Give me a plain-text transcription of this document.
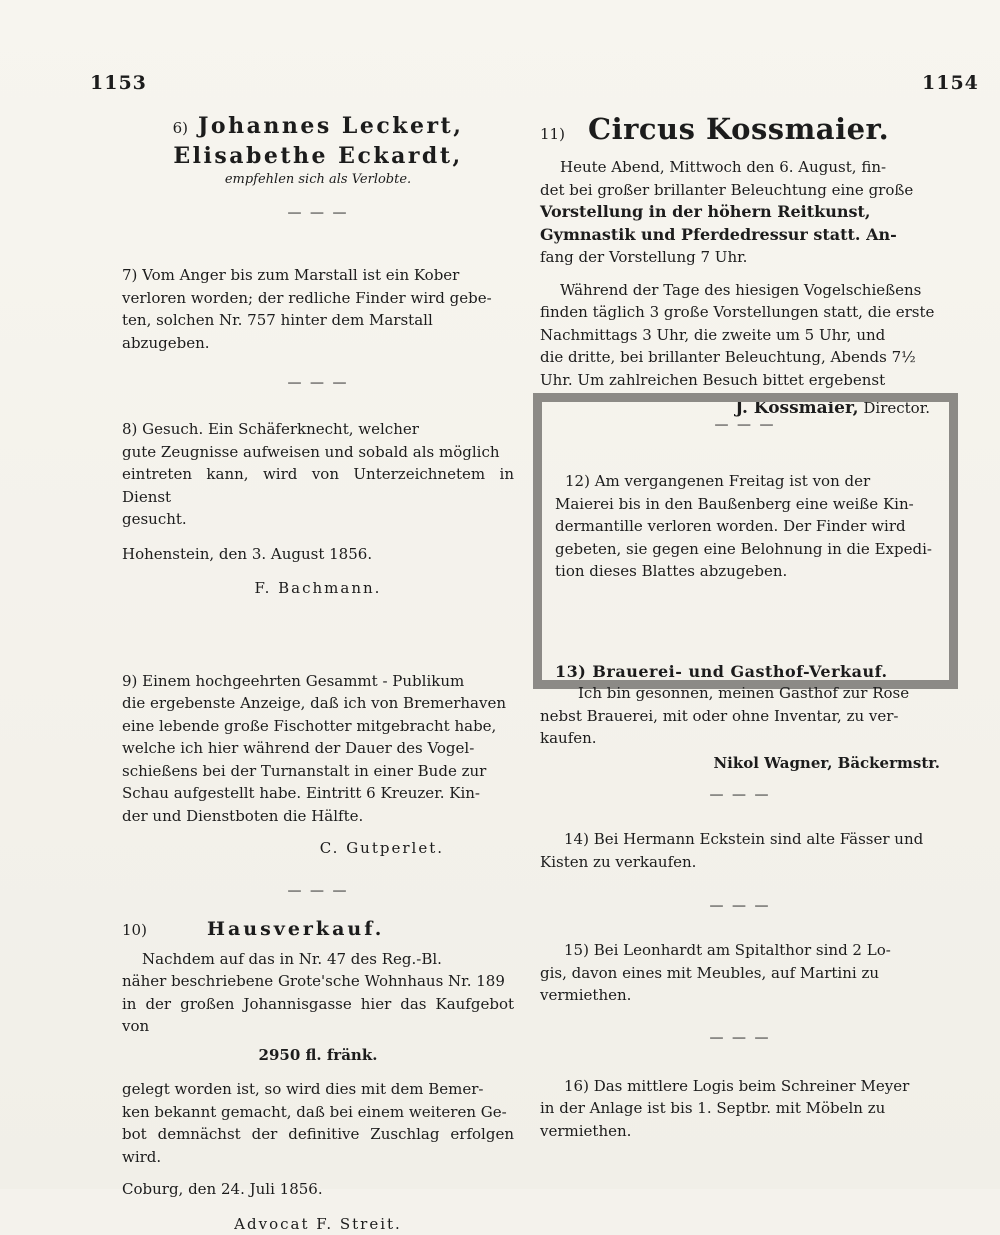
1153	1154
6) Johannes Leckert,

Elisabethe Eckardt,

empfehlen sich als Verlobte.

— — —

7) Vom Anger bis zum Marstall ist ein Kober

verloren worden; der redliche Finder wird gebe-

ten, solchen Nr. 757 hinter dem Marstall abzugeben.

— — —

8) Gesuch. Ein Schäferknecht, welcher

gute Zeugnisse aufweisen und sobald als möglich

eintreten kann, wird von Unterzeichnetem in Dienst

gesucht.

Hohenstein, den 3. August 1856.

F. Bachmann.

9) Einem hochgeehrten Gesammt - Publikum

die ergebenste Anzeige, daß ich von Bremerhaven

eine lebende große Fischotter mitgebracht habe,

welche ich hier während der Dauer des Vogel-

schießens bei der Turnanstalt in einer Bude zur

Schau aufgestellt habe. Eintritt 6 Kreuzer. Kin-

der und Dienstboten die Hälfte.

C. Gutperlet.

— — —
10)	Hausverkauf.

Nachdem auf das in Nr. 47 des Reg.-Bl.

näher beschriebene Grote'sche Wohnhaus Nr. 189

in der großen Johannisgasse hier das Kaufgebot von

2950 fl. fränk.

gelegt worden ist, so wird dies mit dem Bemer-

ken bekannt gemacht, daß bei einem weiteren Ge-

bot demnächst der definitive Zuschlag erfolgen wird.

Coburg, den 24. Juli 1856.

Advocat F. Streit.

11) Circus Kossmaier.

Heute Abend, Mittwoch den 6. August, fin-

det bei großer brillanter Beleuchtung eine große

Vorstellung in der höhern Reitkunst,

Gymnastik und Pferdedressur statt. An-

fang der Vorstellung 7 Uhr.

Während der Tage des hiesigen Vogelschießens

finden täglich 3 große Vorstellungen statt, die erste

Nachmittags 3 Uhr, die zweite um 5 Uhr, und

die dritte, bei brillanter Beleuchtung, Abends 7½

Uhr. Um zahlreichen Besuch bittet ergebenst

J. Kossmaier, Director.

— — —

12) Am vergangenen Freitag ist von der

Maierei bis in den Baußenberg eine weiße Kin-

dermantille verloren worden. Der Finder wird

gebeten, sie gegen eine Belohnung in die Expedi-

tion dieses Blattes abzugeben.

13) Brauerei- und Gasthof-Verkauf.

Ich bin gesonnen, meinen Gasthof zur Rose

nebst Brauerei, mit oder ohne Inventar, zu ver-

kaufen.

Nikol Wagner, Bäckermstr.

— — —

14) Bei Hermann Eckstein sind alte Fässer und

Kisten zu verkaufen.

— — —

15) Bei Leonhardt am Spitalthor sind 2 Lo-

gis, davon eines mit Meubles, auf Martini zu

vermiethen.

— — —

16) Das mittlere Logis beim Schreiner Meyer

in der Anlage ist bis 1. Septbr. mit Möbeln zu

vermiethen.
